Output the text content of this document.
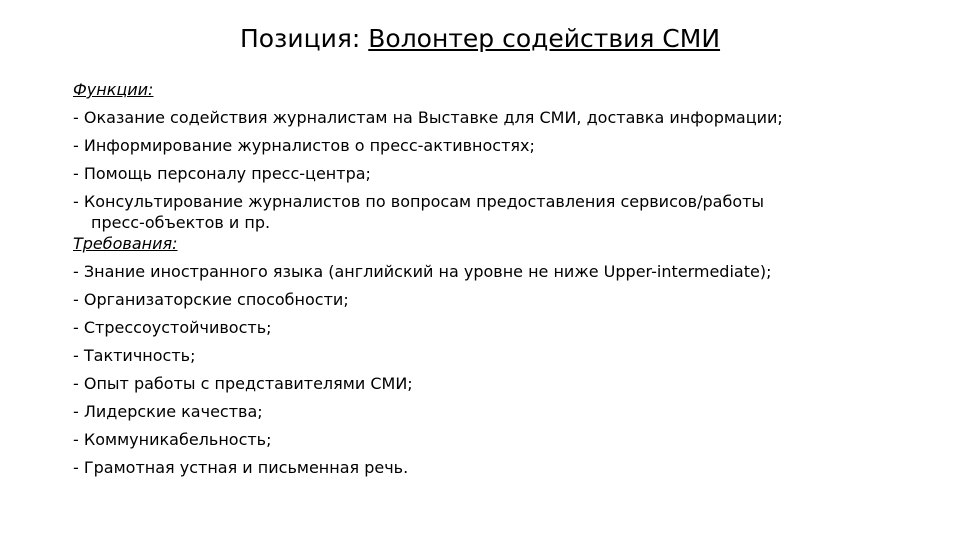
Позиция: Волонтер содействия СМИ
Функции:
- Оказание содействия журналистам на Выставке для СМИ, доставка информации;
- Информирование журналистов о пресс-активностях;
- Помощь персоналу пресс-центра;
- Консультирование журналистов по вопросам предоставления сервисов/работы
пресс-объектов и пр.
Требования:
- Знание иностранного языка (английский на уровне не ниже Upper-intermediate);
- Организаторские способности;
- Стрессоустойчивость;
- Тактичность;
- Опыт работы с представителями СМИ;
- Лидерские качества;
- Коммуникабельность;
- Грамотная устная и письменная речь.
